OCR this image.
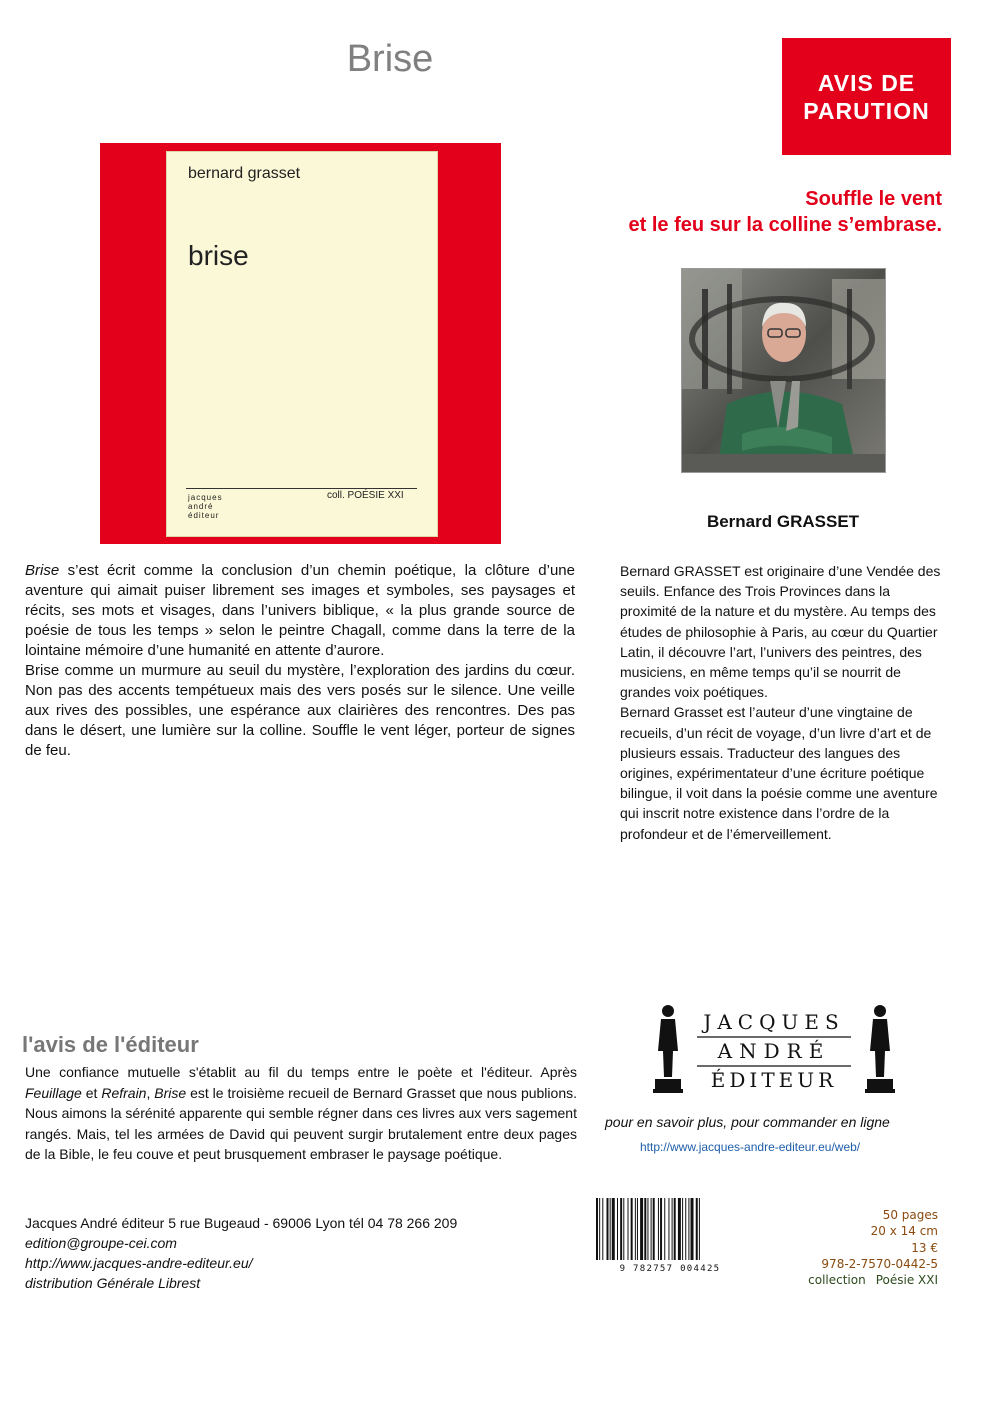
Brise
AVIS DE
PARUTION
bernard grasset
brise
jacques
andré
éditeur
coll. POÉSIE XXI
Souffle le vent
et le feu sur la colline s’embrase.
Bernard GRASSET

Brise s’est écrit comme la conclusion d’un chemin poétique, la clôture d’une aventure qui aimait puiser librement ses images et symboles, ses paysages et récits, ses mots et visages, dans l’univers biblique, « la plus grande source de poésie de tous les temps » selon le peintre Chagall, comme dans la terre de la lointaine mémoire d’une humanité en attente d’aurore.

Brise comme un murmure au seuil du mystère, l’exploration des jardins du cœur. Non pas des accents tempétueux mais des vers posés sur le silence. Une veille aux rives des possibles, une espérance aux clairières des rencontres. Des pas dans le désert, une lumière sur la colline. Souffle le vent léger, porteur de signes de feu.

Bernard GRASSET est originaire d’une Vendée des seuils. Enfance des Trois Provinces dans la proximité de la nature et du mystère. Au temps des études de philosophie à Paris, au cœur du Quartier Latin, il découvre l’art, l’univers des peintres, des musiciens, en même temps qu’il se nourrit de grandes voix poétiques.

Bernard Grasset est l’auteur d’une vingtaine de recueils, d’un récit de voyage, d’un livre d’art et de plusieurs essais. Traducteur des langues des origines, expérimentateur d’une écriture poétique bilingue, il voit dans la poésie comme une aventure qui inscrit notre existence dans l’ordre de la profondeur et de l’émerveillement.

JACQUES
ANDRÉ
ÉDITEUR
l'avis de l'éditeur
Une confiance mutuelle s'établit au fil du temps entre le poète et l'éditeur. Après Feuillage et Refrain, Brise est le troisième recueil de Bernard Grasset que nous publions. Nous aimons la sérénité apparente qui semble régner dans ces livres aux vers sagement rangés. Mais, tel les armées de David qui peuvent surgir brutalement entre deux pages de la Bible, le feu couve et peut brusquement embraser le paysage poétique.
pour en savoir plus, pour commander en ligne
http://www.jacques-andre-editeur.eu/web/
Jacques André éditeur 5 rue Bugeaud - 69006 Lyon tél 04 78 266 209
edition@groupe-cei.com
http://www.jacques-andre-editeur.eu/
distribution Générale Librest
9 782757 004425
50 pages
20 x 14 cm
13 €
978-2-7570-0442-5
collection Poésie XXI
